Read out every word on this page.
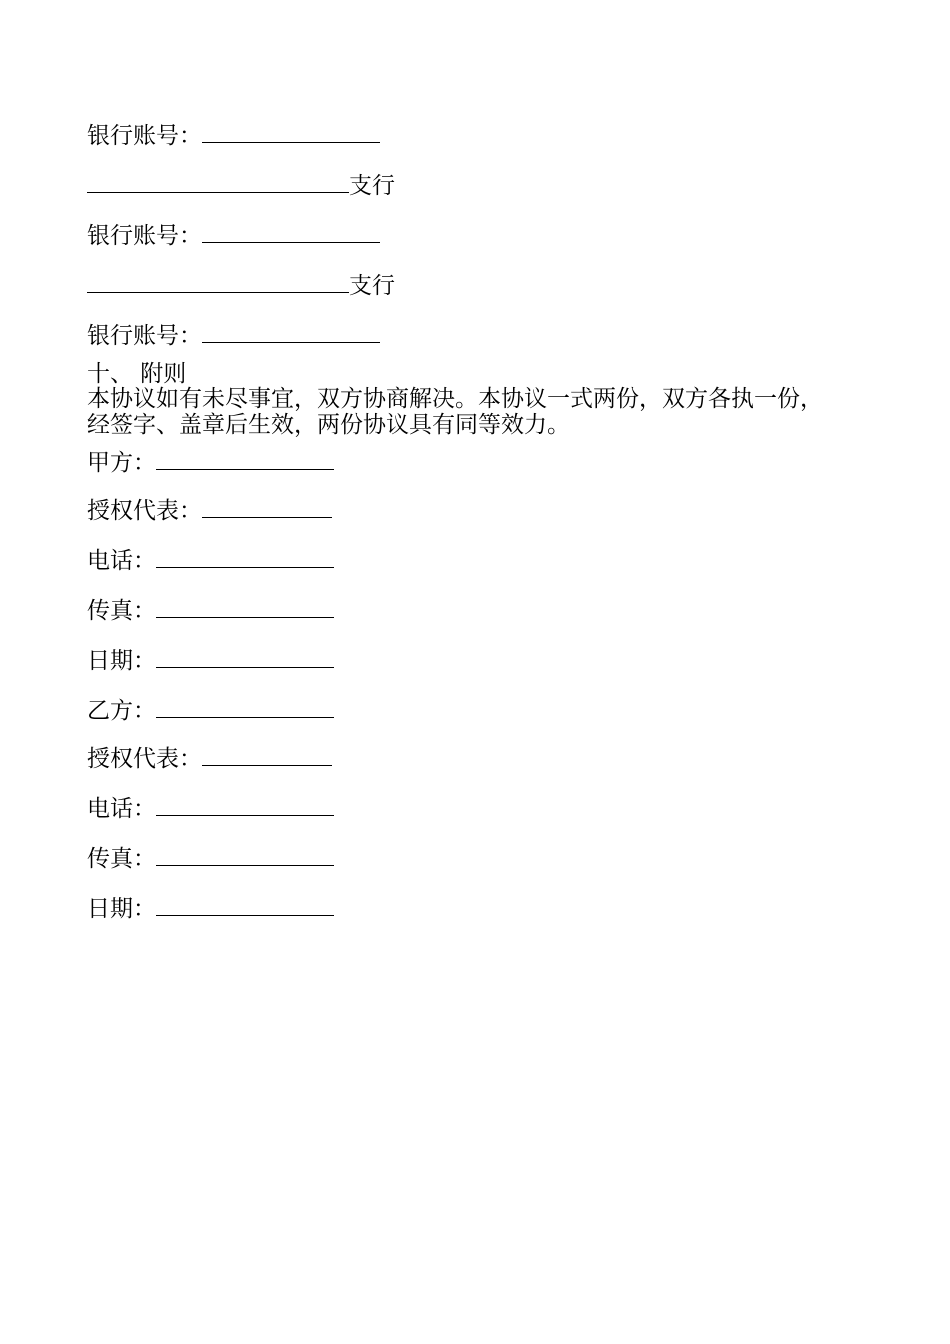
银行账号：
支行
银行账号：
支行
银行账号：
十、 附则
本协议如有未尽事宜，双方协商解决。本协议一式两份，双方各执一份，
经签字、盖章后生效，两份协议具有同等效力。
甲方：
授权代表：
电话：
传真：
日期：
乙方：
授权代表：
电话：
传真：
日期：
